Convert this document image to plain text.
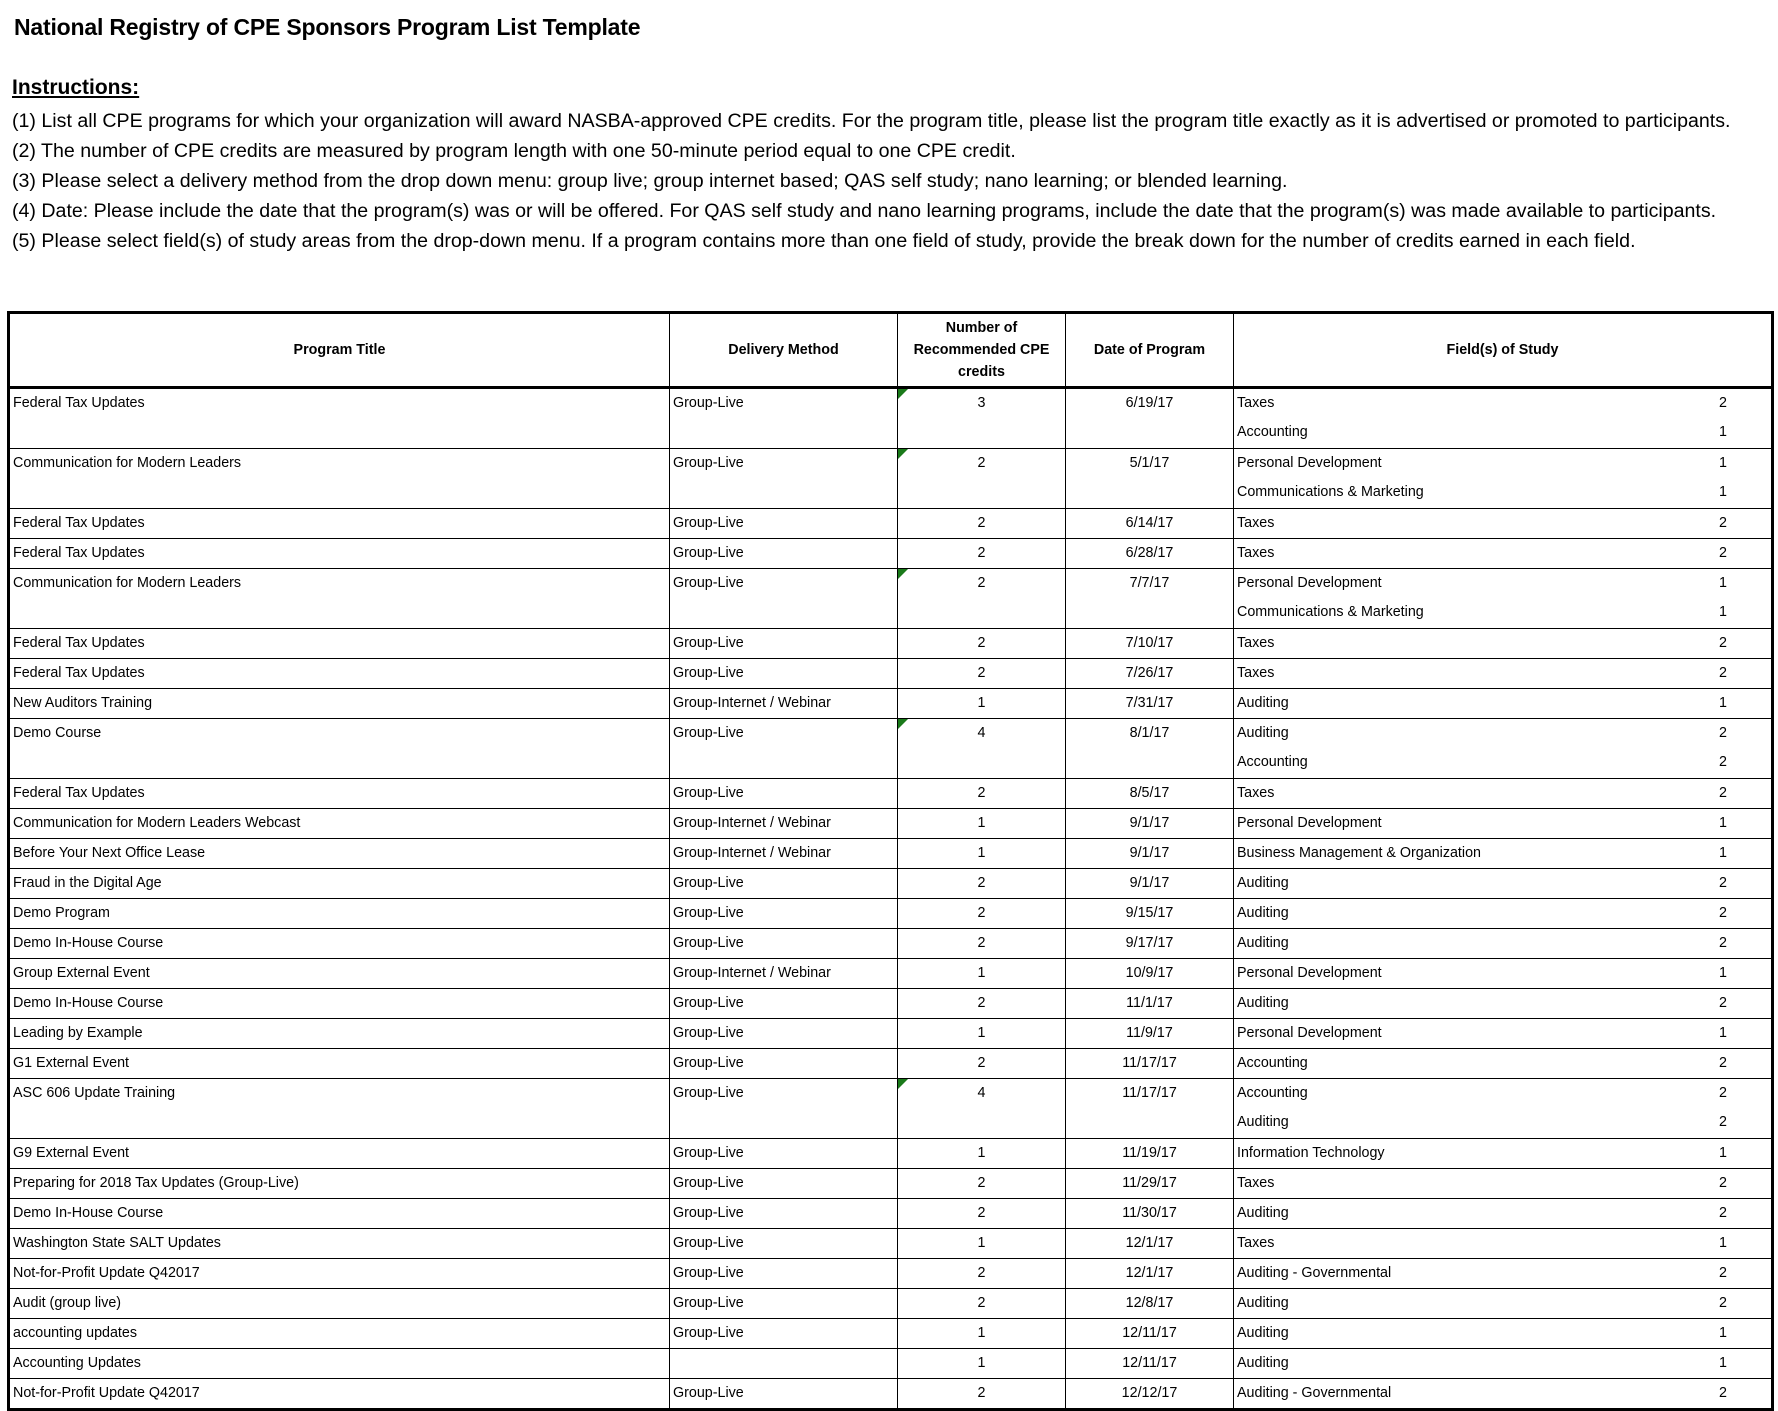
National Registry of CPE Sponsors Program List Template
Instructions:
(1) List all CPE programs for which your organization will award NASBA-approved CPE credits. For the program title, please list the program title exactly as it is advertised or promoted to participants.
(2) The number of CPE credits are measured by program length with one 50-minute period equal to one CPE credit.
(3) Please select a delivery method from the drop down menu: group live; group internet based; QAS self study; nano learning; or blended learning.
(4) Date: Please include the date that the program(s) was or will be offered. For QAS self study and nano learning programs, include the date that the program(s) was made available to participants.
(5) Please select field(s) of study areas from the drop-down menu. If a program contains more than one field of study, provide the break down for the number of credits earned in each field.
Program Title	Delivery Method	Number of Recommended CPE credits	Date of Program	Field(s) of Study	
Federal Tax Updates	Group-Live	3	6/19/17	Taxes	2
				Accounting	1
Communication for Modern Leaders	Group-Live	2	5/1/17	Personal Development	1
				Communications & Marketing	1
Federal Tax Updates	Group-Live	2	6/14/17	Taxes	2
Federal Tax Updates	Group-Live	2	6/28/17	Taxes	2
Communication for Modern Leaders	Group-Live	2	7/7/17	Personal Development	1
				Communications & Marketing	1
Federal Tax Updates	Group-Live	2	7/10/17	Taxes	2
Federal Tax Updates	Group-Live	2	7/26/17	Taxes	2
New Auditors Training	Group-Internet / Webinar	1	7/31/17	Auditing	1
Demo Course	Group-Live	4	8/1/17	Auditing	2
				Accounting	2
Federal Tax Updates	Group-Live	2	8/5/17	Taxes	2
Communication for Modern Leaders Webcast	Group-Internet / Webinar	1	9/1/17	Personal Development	1
Before Your Next Office Lease	Group-Internet / Webinar	1	9/1/17	Business Management & Organization	1
Fraud in the Digital Age	Group-Live	2	9/1/17	Auditing	2
Demo Program	Group-Live	2	9/15/17	Auditing	2
Demo In-House Course	Group-Live	2	9/17/17	Auditing	2
Group External Event	Group-Internet / Webinar	1	10/9/17	Personal Development	1
Demo In-House Course	Group-Live	2	11/1/17	Auditing	2
Leading by Example	Group-Live	1	11/9/17	Personal Development	1
G1 External Event	Group-Live	2	11/17/17	Accounting	2
ASC 606 Update Training	Group-Live	4	11/17/17	Accounting	2
				Auditing	2
G9 External Event	Group-Live	1	11/19/17	Information Technology	1
Preparing for 2018 Tax Updates (Group-Live)	Group-Live	2	11/29/17	Taxes	2
Demo In-House Course	Group-Live	2	11/30/17	Auditing	2
Washington State SALT Updates	Group-Live	1	12/1/17	Taxes	1
Not-for-Profit Update Q42017	Group-Live	2	12/1/17	Auditing - Governmental	2
Audit (group live)	Group-Live	2	12/8/17	Auditing	2
accounting updates	Group-Live	1	12/11/17	Auditing	1
Accounting Updates		1	12/11/17	Auditing	1
Not-for-Profit Update Q42017	Group-Live	2	12/12/17	Auditing - Governmental	2
